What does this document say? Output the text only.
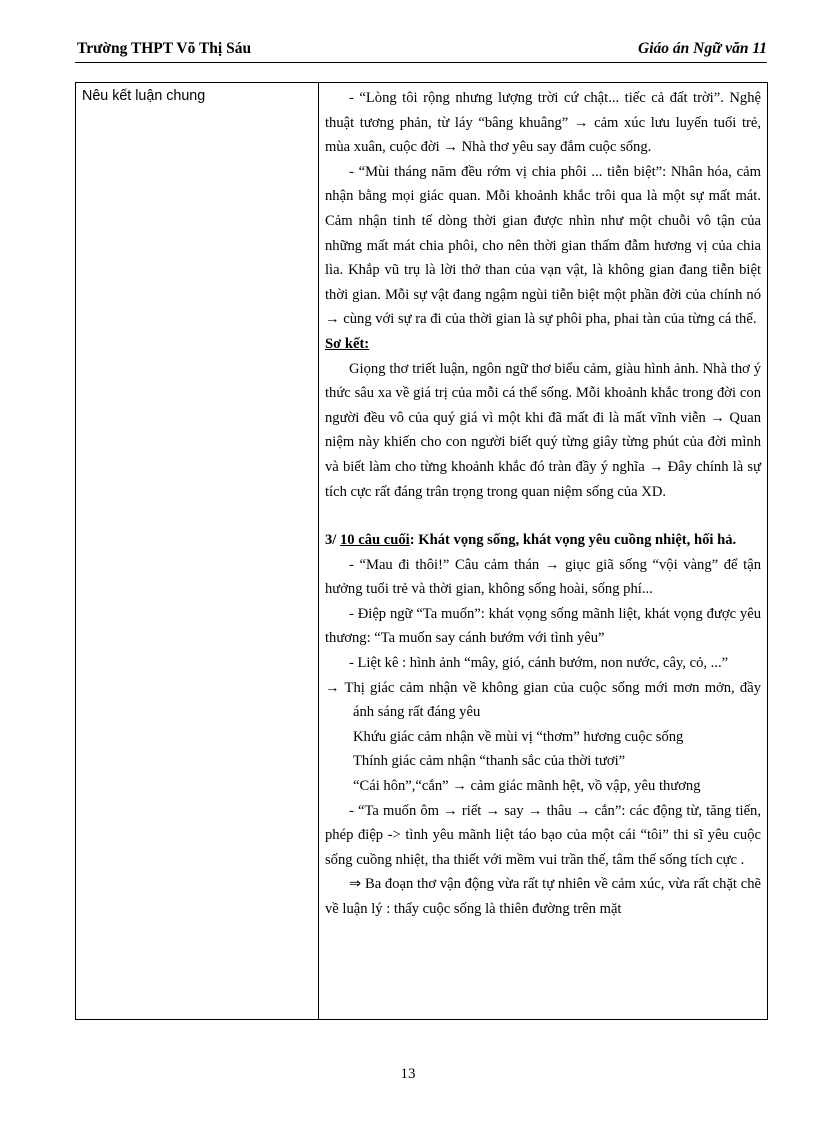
Trường THPT Võ Thị Sáu	Giáo án Ngữ văn 11
Nêu kết luận chung	- “Lòng tôi rộng nhưng lượng trời cứ chật... tiếc cả đất trời”. Nghệ thuật tương phản, từ láy “bâng khuâng” → cảm xúc lưu luyến tuổi trẻ, mùa xuân, cuộc đời → Nhà thơ yêu say đắm cuộc sống.

- “Mùi tháng năm đều rớm vị chia phôi ... tiễn biệt”: Nhân hóa, cảm nhận bằng mọi giác quan. Mỗi khoảnh khắc trôi qua là một sự mất mát. Cảm nhận tinh tế dòng thời gian được nhìn như một chuỗi vô tận của những mất mát chia phôi, cho nên thời gian thấm đẫm hương vị của chia lìa. Khắp vũ trụ là lời thở than của vạn vật, là không gian đang tiễn biệt thời gian. Mỗi sự vật đang ngậm ngùi tiễn biệt một phần đời của chính nó → cùng với sự ra đi của thời gian là sự phôi pha, phai tàn của từng cá thể.

Sơ kết:

Giọng thơ triết luận, ngôn ngữ thơ biểu cảm, giàu hình ảnh. Nhà thơ ý thức sâu xa về giá trị của mỗi cá thể sống. Mỗi khoảnh khắc trong đời con người đều vô của quý giá vì một khi đã mất đi là mất vĩnh viễn → Quan niệm này khiến cho con người biết quý từng giây từng phút của đời mình và biết làm cho từng khoảnh khắc đó tràn đầy ý nghĩa → Đây chính là sự tích cực rất đáng trân trọng trong quan niệm sống của XD.

3/ 10 câu cuối: Khát vọng sống, khát vọng yêu cuồng nhiệt, hối hả.

- “Mau đi thôi!” Câu cảm thán → giục giã sống “vội vàng” để tận hưởng tuổi trẻ và thời gian, không sống hoài, sống phí...

- Điệp ngữ “Ta muốn”: khát vọng sống mãnh liệt, khát vọng được yêu thương: “Ta muốn say cánh bướm với tình yêu”

- Liệt kê : hình ảnh “mây, gió, cánh bướm, non nước, cây, cỏ, ...”

→ Thị giác cảm nhận về không gian của cuộc sống mới mơn mởn, đầy ánh sáng rất đáng yêu

Khứu giác cảm nhận về mùi vị “thơm” hương cuộc sống

Thính giác cảm nhận “thanh sắc của thời tươi”

“Cái hôn”,“cắn” → cảm giác mãnh hệt, vồ vập, yêu thương

- “Ta muốn ôm → riết → say → thâu → cắn”: các động từ, tăng tiến, phép điệp -> tình yêu mãnh liệt táo bạo của một cái “tôi” thi sĩ yêu cuộc sống cuồng nhiệt, tha thiết với mềm vui trần thế, tâm thế sống tích cực .

⇒ Ba đoạn thơ vận động vừa rất tự nhiên về cảm xúc, vừa rất chặt chẽ về luận lý : thấy cuộc sống là thiên đường trên mặt

13
